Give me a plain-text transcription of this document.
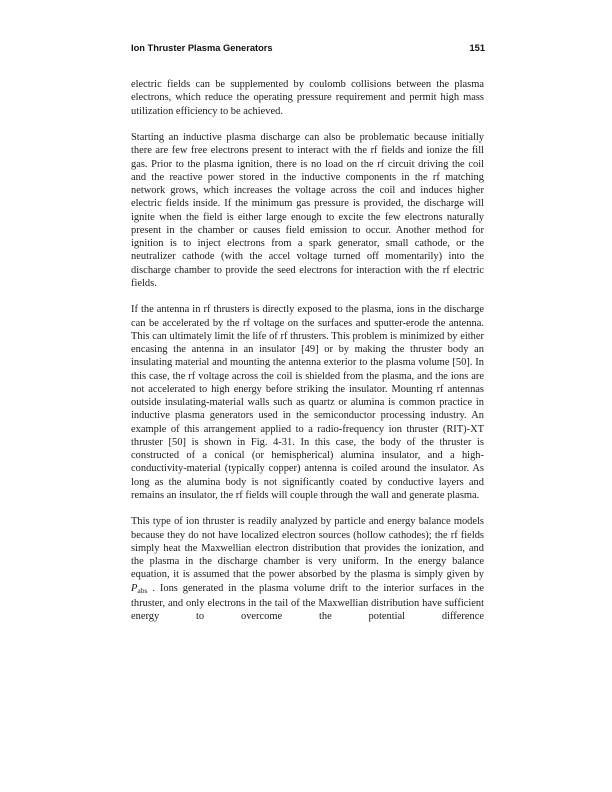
Ion Thruster Plasma Generators	151

electric fields can be supplemented by coulomb collisions between the plasma electrons, which reduce the operating pressure requirement and permit high mass utilization efficiency to be achieved.

Starting an inductive plasma discharge can also be problematic because initially there are few free electrons present to interact with the rf fields and ionize the fill gas. Prior to the plasma ignition, there is no load on the rf circuit driving the coil and the reactive power stored in the inductive components in the rf matching network grows, which increases the voltage across the coil and induces higher electric fields inside. If the minimum gas pressure is provided, the discharge will ignite when the field is either large enough to excite the few electrons naturally present in the chamber or causes field emission to occur. Another method for ignition is to inject electrons from a spark generator, small cathode, or the neutralizer cathode (with the accel voltage turned off momentarily) into the discharge chamber to provide the seed electrons for interaction with the rf electric fields.

If the antenna in rf thrusters is directly exposed to the plasma, ions in the discharge can be accelerated by the rf voltage on the surfaces and sputter-erode the antenna. This can ultimately limit the life of rf thrusters. This problem is minimized by either encasing the antenna in an insulator [49] or by making the thruster body an insulating material and mounting the antenna exterior to the plasma volume [50]. In this case, the rf voltage across the coil is shielded from the plasma, and the ions are not accelerated to high energy before striking the insulator. Mounting rf antennas outside insulating-material walls such as quartz or alumina is common practice in inductive plasma generators used in the semiconductor processing industry. An example of this arrangement applied to a radio-frequency ion thruster (RIT)-XT thruster [50] is shown in Fig. 4-31. In this case, the body of the thruster is constructed of a conical (or hemispherical) alumina insulator, and a high-conductivity-material (typically copper) antenna is coiled around the insulator. As long as the alumina body is not significantly coated by conductive layers and remains an insulator, the rf fields will couple through the wall and generate plasma.

This type of ion thruster is readily analyzed by particle and energy balance models because they do not have localized electron sources (hollow cathodes); the rf fields simply heat the Maxwellian electron distribution that provides the ionization, and the plasma in the discharge chamber is very uniform. In the energy balance equation, it is assumed that the power absorbed by the plasma is simply given by Pabs . Ions generated in the plasma volume drift to the interior surfaces in the thruster, and only electrons in the tail of the Maxwellian distribution have sufficient energy to overcome the potential difference
